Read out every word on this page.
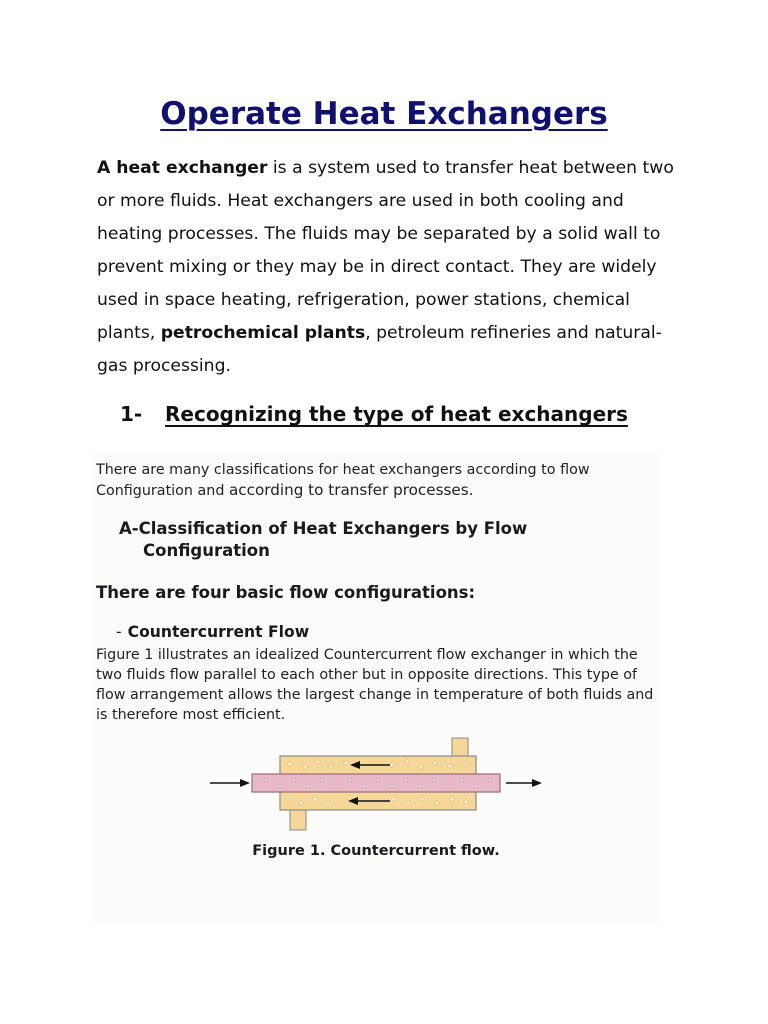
Operate Heat Exchangers

A heat exchanger is a system used to transfer heat between two or more fluids. Heat exchangers are used in both cooling and heating processes. The fluids may be separated by a solid wall to prevent mixing or they may be in direct contact. They are widely used in space heating, refrigeration, power stations, chemical plants, petrochemical plants, petroleum refineries and natural-gas processing.

1- Recognizing the type of heat exchangers

There are many classifications for heat exchangers according to flow Configuration and according to transfer processes.

A-Classification of Heat Exchangers by Flow
Configuration
There are four basic flow configurations:
- Countercurrent Flow

Figure 1 illustrates an idealized Countercurrent flow exchanger in which the two fluids flow parallel to each other but in opposite directions. This type of flow arrangement allows the largest change in temperature of both fluids and is therefore most efficient.

Figure 1. Countercurrent flow.
